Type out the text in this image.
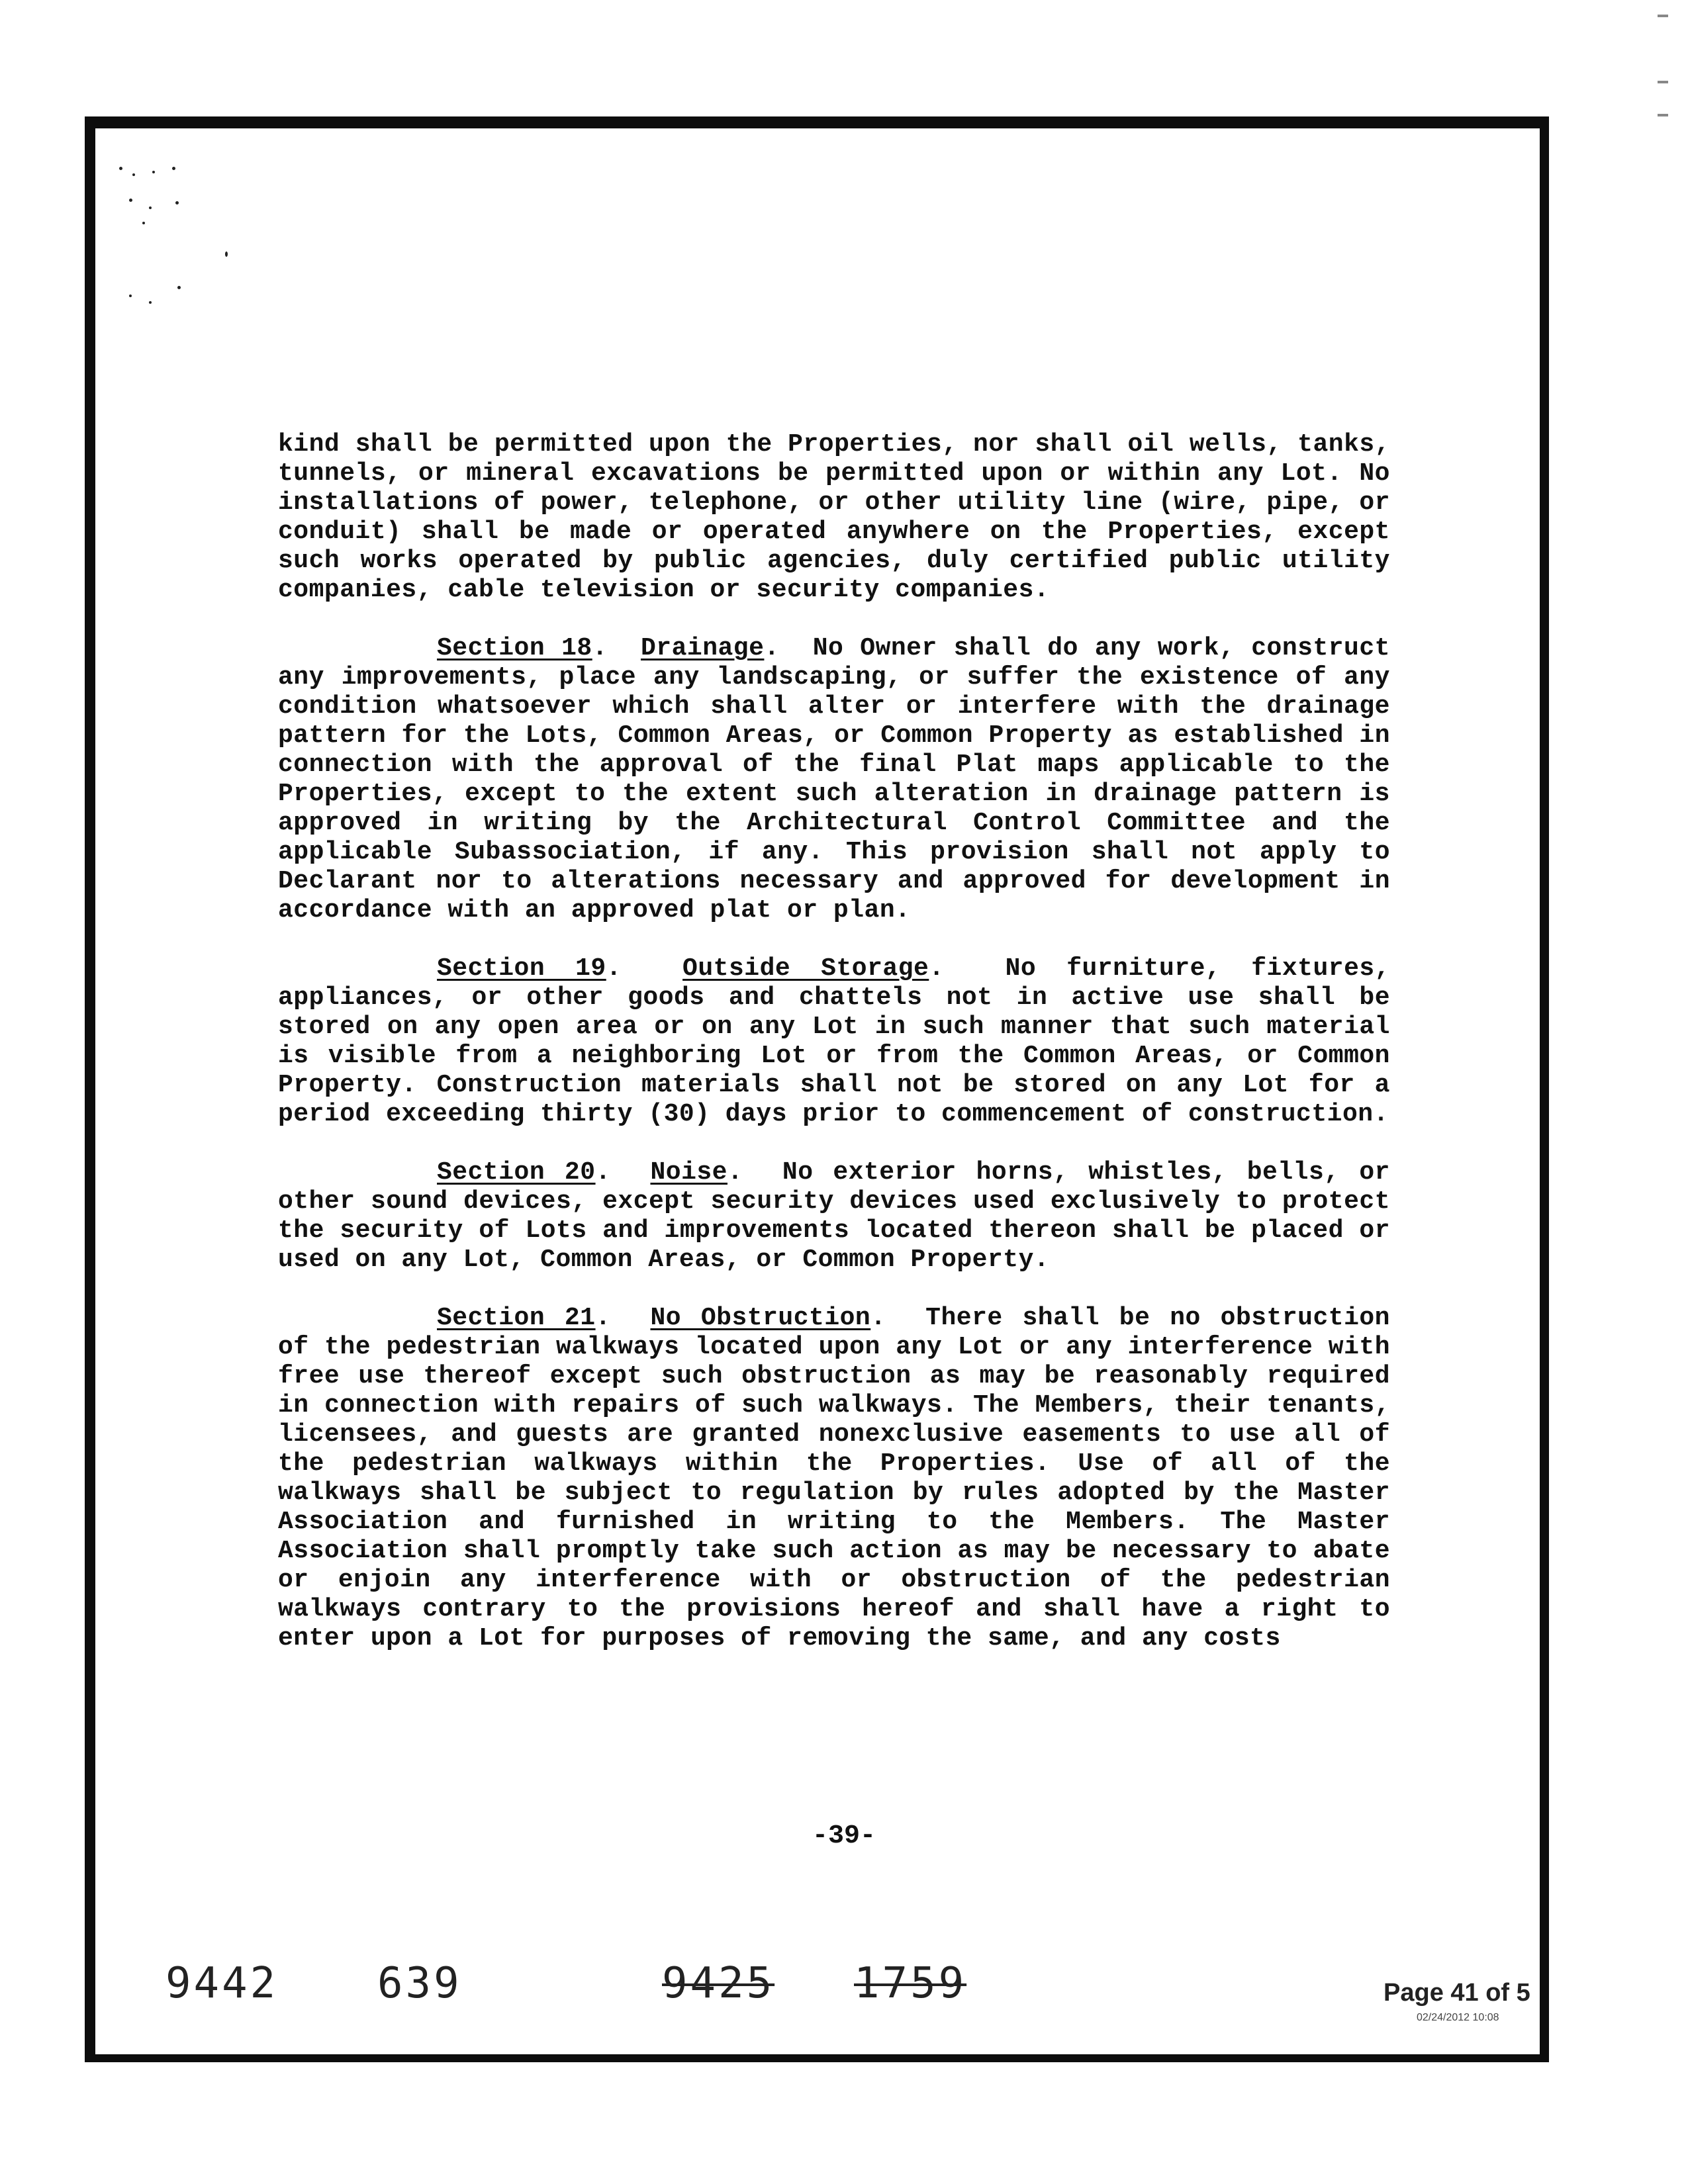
kind shall be permitted upon the Properties, nor shall oil wells, tanks, tunnels, or mineral excavations be permitted upon or within any Lot. No installations of power, telephone, or other utility line (wire, pipe, or conduit) shall be made or operated anywhere on the Properties, except such works operated by public agencies, duly certified public utility companies, cable television or security companies.

Section 18.  Drainage.  No Owner shall do any work, construct any improvements, place any landscaping, or suffer the existence of any condition whatsoever which shall alter or interfere with the drainage pattern for the Lots, Common Areas, or Common Property as established in connection with the approval of the final Plat maps applicable to the Properties, except to the extent such alteration in drainage pattern is approved in writing by the Architectural Control Committee and the applicable Subassociation, if any. This provision shall not apply to Declarant nor to alterations necessary and approved for development in accordance with an approved plat or plan.

Section 19.  Outside Storage.  No furniture, fixtures, appliances, or other goods and chattels not in active use shall be stored on any open area or on any Lot in such manner that such material is visible from a neighboring Lot or from the Common Areas, or Common Property. Construction materials shall not be stored on any Lot for a period exceeding thirty (30) days prior to commencement of construction.

Section 20.  Noise.  No exterior horns, whistles, bells, or other sound devices, except security devices used exclusively to protect the security of Lots and improvements located thereon shall be placed or used on any Lot, Common Areas, or Common Property.

Section 21.  No Obstruction.  There shall be no obstruction of the pedestrian walkways located upon any Lot or any interference with free use thereof except such obstruction as may be reasonably required in connection with repairs of such walkways. The Members, their tenants, licensees, and guests are granted nonexclusive easements to use all of the pedestrian walkways within the Properties. Use of all of the walkways shall be subject to regulation by rules adopted by the Master Association and furnished in writing to the Members. The Master Association shall promptly take such action as may be necessary to abate or enjoin any interference with or obstruction of the pedestrian walkways contrary to the provisions hereof and shall have a right to enter upon a Lot for purposes of removing the same, and any costs

-39-
9442 639	9425 1759	Page 41 of 5
02/24/2012 10:08
